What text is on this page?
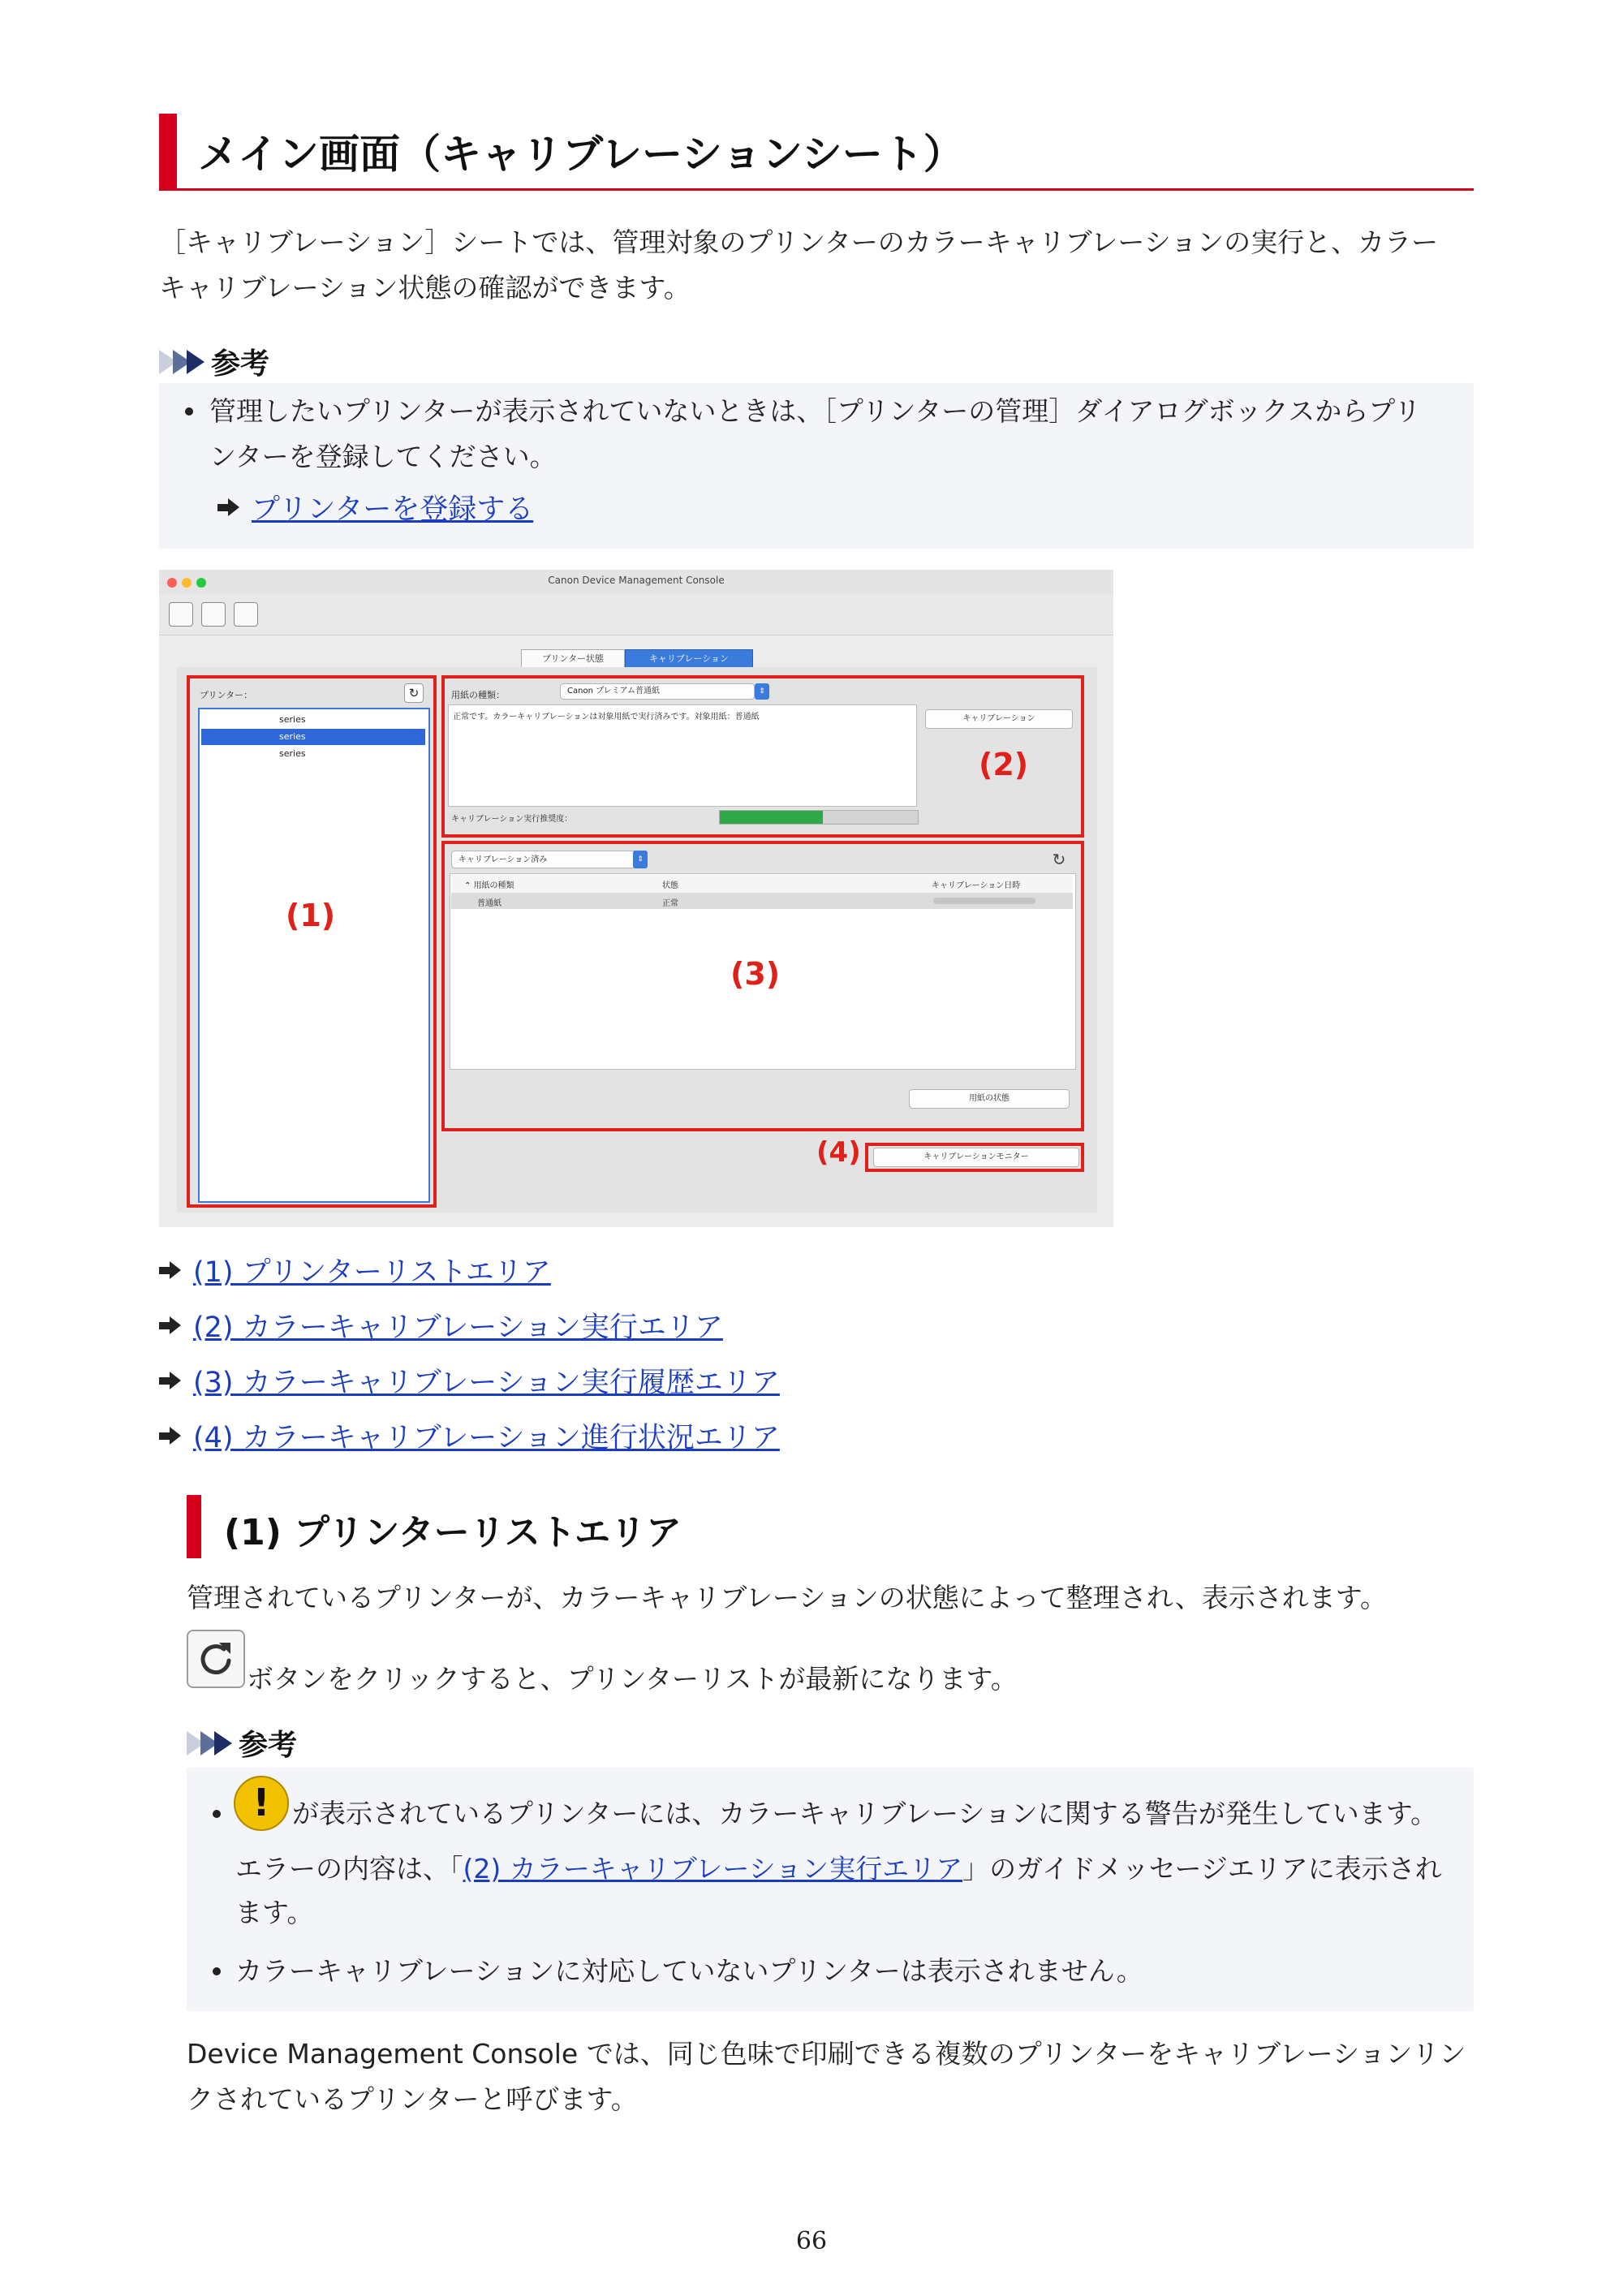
メイン画面（キャリブレーションシート）
［キャリブレーション］シートでは、管理対象のプリンターのカラーキャリブレーションの実行と、カラー
キャリブレーション状態の確認ができます。
参考
管理したいプリンターが表示されていないときは、［プリンターの管理］ダイアログボックスからプリ
ンターを登録してください。
プリンターを登録する
Canon Device Management Console
プリンター状態	キャリブレーション
プリンター：	↻
series
series
series
(1)
用紙の種類：	Canon プレミアム普通紙	⇕
正常です。カラーキャリブレーションは対象用紙で実行済みです。対象用紙：普通紙	キャリブレーション
(2)
キャリブレーション実行推奨度：
キャリブレーション済み	⇕	↻
⌃ 用紙の種類	状態	キャリブレーション日時
普通紙	正常
(3)
用紙の状態
(4)	キャリブレーションモニター
(1) プリンターリストエリア
(2) カラーキャリブレーション実行エリア
(3) カラーキャリブレーション実行履歴エリア
(4) カラーキャリブレーション進行状況エリア
(1) プリンターリストエリア
管理されているプリンターが、カラーキャリブレーションの状態によって整理され、表示されます。
ボタンをクリックすると、プリンターリストが最新になります。
参考
! が表示されているプリンターには、カラーキャリブレーションに関する警告が発生しています。
エラーの内容は、「(2) カラーキャリブレーション実行エリア」のガイドメッセージエリアに表示され
ます。
カラーキャリブレーションに対応していないプリンターは表示されません。
Device Management Console では、同じ色味で印刷できる複数のプリンターをキャリブレーションリン
クされているプリンターと呼びます。
66
